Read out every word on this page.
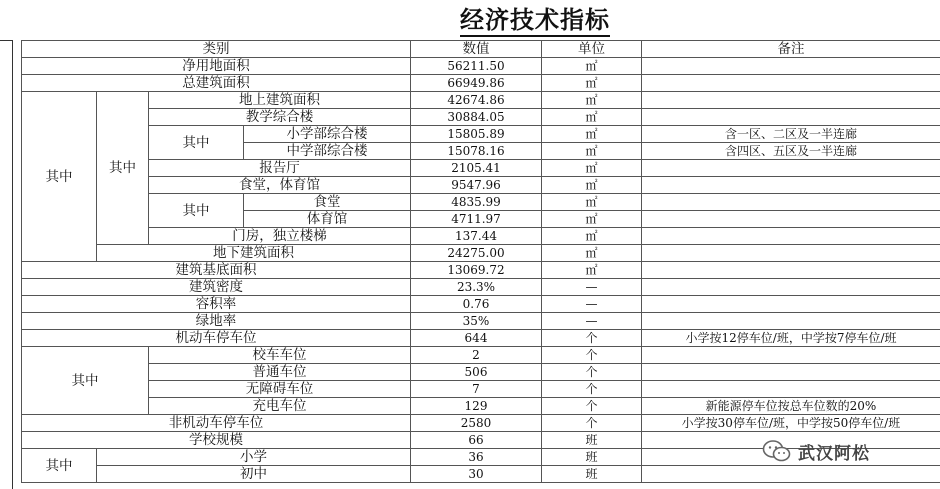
经济技术指标
类别				数值	单位	备注
净用地面积				56211.50	㎡	
总建筑面积				66949.86	㎡	
其中	其中	地上建筑面积		42674.86	㎡	
		教学综合楼		30884.05	㎡	
		其中	小学部综合楼	15805.89	㎡	含一区、二区及一半连廊
			中学部综合楼	15078.16	㎡	含四区、五区及一半连廊
		报告厅		2105.41	㎡	
		食堂，体育馆		9547.96	㎡	
		其中	食堂	4835.99	㎡	
			体育馆	4711.97	㎡	
		门房，独立楼梯		137.44	㎡	
	地下建筑面积			24275.00	㎡	
建筑基底面积				13069.72	㎡	
建筑密度				23.3%	—	
容积率				0.76	—	
绿地率				35%	—	
机动车停车位				644	个	小学按12停车位/班，中学按7停车位/班
其中		校车车位		2	个	
		普通车位		506	个	
		无障碍车位		7	个	
		充电车位		129	个	新能源停车位按总车位数的20%
非机动车停车位				2580	个	小学按30停车位/班，中学按50停车位/班
学校规模				66	班	
其中	小学			36	班	
	初中			30	班	
武汉阿松
